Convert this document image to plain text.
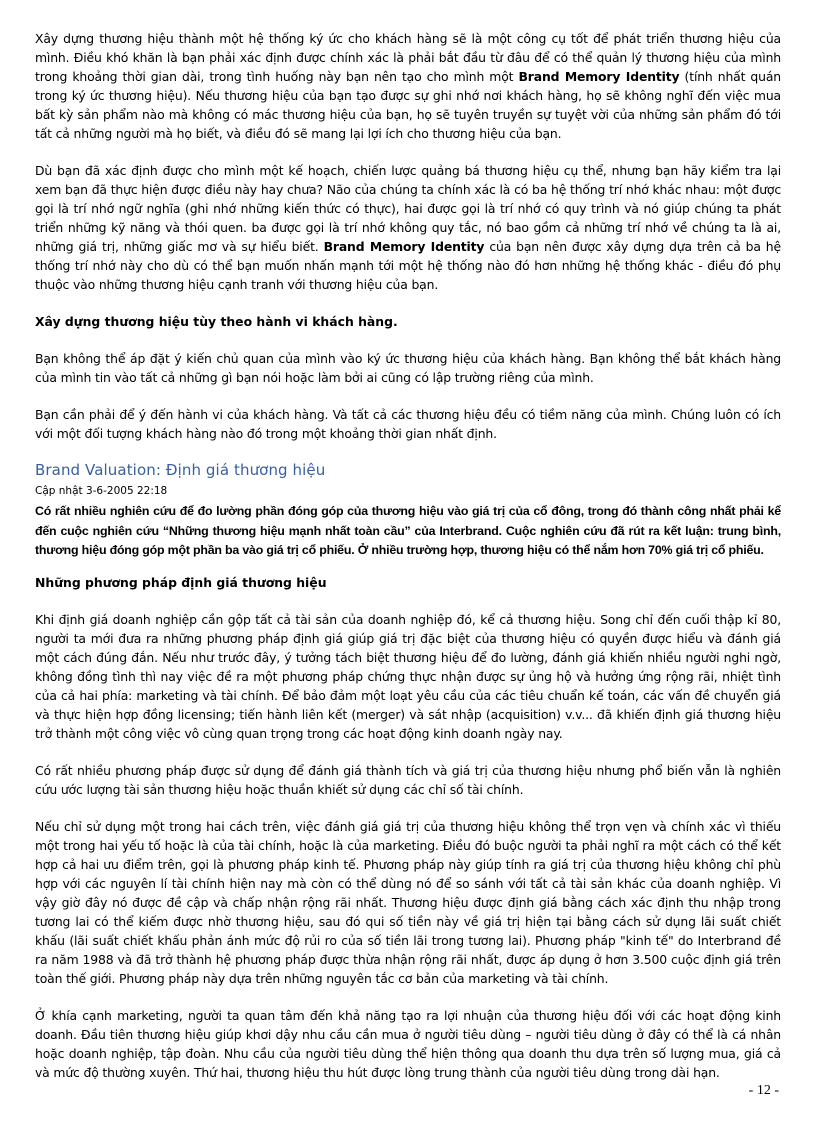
Xây dựng thương hiệu thành một hệ thống ký ức cho khách hàng sẽ là một công cụ tốt để phát triển thương hiệu của mình. Điều khó khăn là bạn phải xác định được chính xác là phải bắt đầu từ đâu để có thể quản lý thương hiệu của mình trong khoảng thời gian dài, trong tình huống này bạn nên tạo cho mình một Brand Memory Identity (tính nhất quán trong ký ức thương hiệu). Nếu thương hiệu của bạn tạo được sự ghi nhớ nơi khách hàng, họ sẽ không nghĩ đến việc mua bất kỳ sản phẩm nào mà không có mác thương hiệu của bạn, họ sẽ tuyên truyền sự tuyệt vời của những sản phẩm đó tới tất cả những người mà họ biết, và điều đó sẽ mang lại lợi ích cho thương hiệu của bạn.

Dù bạn đã xác định được cho mình một kế hoạch, chiến lược quảng bá thương hiệu cụ thể, nhưng bạn hãy kiểm tra lại xem bạn đã thực hiện được điều này hay chưa? Não của chúng ta chính xác là có ba hệ thống trí nhớ khác nhau: một được gọi là trí nhớ ngữ nghĩa (ghi nhớ những kiến thức có thực), hai được gọi là trí nhớ có quy trình và nó giúp chúng ta phát triển những kỹ năng và thói quen. ba được gọi là trí nhớ không quy tắc, nó bao gồm cả những trí nhớ về chúng ta là ai, những giá trị, những giấc mơ và sự hiểu biết. Brand Memory Identity của bạn nên được xây dựng dựa trên cả ba hệ thống trí nhớ này cho dù có thể bạn muốn nhấn mạnh tới một hệ thống nào đó hơn những hệ thống khác - điều đó phụ thuộc vào những thương hiệu cạnh tranh với thương hiệu của bạn.

Xây dựng thương hiệu tùy theo hành vi khách hàng.

Bạn không thể áp đặt ý kiến chủ quan của mình vào ký ức thương hiệu của khách hàng. Bạn không thể bắt khách hàng của mình tin vào tất cả những gì bạn nói hoặc làm bởi ai cũng có lập trường riêng của mình.

Bạn cần phải để ý đến hành vi của khách hàng. Và tất cả các thương hiệu đều có tiềm năng của mình. Chúng luôn có ích với một đối tượng khách hàng nào đó trong một khoảng thời gian nhất định.

Brand Valuation: Định giá thương hiệu
Cập nhật 3-6-2005 22:18

Có rất nhiều nghiên cứu để đo lường phần đóng góp của thương hiệu vào giá trị của cổ đông, trong đó thành công nhất phải kể đến cuộc nghiên cứu “Những thương hiệu mạnh nhất toàn cầu” của Interbrand. Cuộc nghiên cứu đã rút ra kết luận: trung bình, thương hiệu đóng góp một phần ba vào giá trị cổ phiếu. Ở nhiều trường hợp, thương hiệu có thể nắm hơn 70% giá trị cổ phiếu.

Những phương pháp định giá thương hiệu

Khi định giá doanh nghiệp cần gộp tất cả tài sản của doanh nghiệp đó, kể cả thương hiệu. Song chỉ đến cuối thập kỉ 80, người ta mới đưa ra những phương pháp định giá giúp giá trị đặc biệt của thương hiệu có quyền được hiểu và đánh giá một cách đúng đắn. Nếu như trước đây, ý tưởng tách biệt thương hiệu để đo lường, đánh giá khiến nhiều người nghi ngờ, không đồng tình thì nay việc đề ra một phương pháp chứng thực nhận được sự ủng hộ và hưởng ứng rộng rãi, nhiệt tình của cả hai phía: marketing và tài chính. Để bảo đảm một loạt yêu cầu của các tiêu chuẩn kế toán, các vấn đề chuyển giá và thực hiện hợp đồng licensing; tiến hành liên kết (merger) và sát nhập (acquisition) v.v... đã khiến định giá thương hiệu trở thành một công việc vô cùng quan trọng trong các hoạt động kinh doanh ngày nay.

Có rất nhiều phương pháp được sử dụng để đánh giá thành tích và giá trị của thương hiệu nhưng phổ biến vẫn là nghiên cứu ước lượng tài sản thương hiệu hoặc thuần khiết sử dụng các chỉ số tài chính.

Nếu chỉ sử dụng một trong hai cách trên, việc đánh giá giá trị của thương hiệu không thể trọn vẹn và chính xác vì thiếu một trong hai yếu tố hoặc là của tài chính, hoặc là của marketing. Điều đó buộc người ta phải nghĩ ra một cách có thể kết hợp cả hai ưu điểm trên, gọi là phương pháp kinh tế. Phương pháp này giúp tính ra giá trị của thương hiệu không chỉ phù hợp với các nguyên lí tài chính hiện nay mà còn có thể dùng nó để so sánh với tất cả tài sản khác của doanh nghiệp. Vì vậy giờ đây nó được đề cập và chấp nhận rộng rãi nhất. Thương hiệu được định giá bằng cách xác định thu nhập trong tương lai có thể kiếm được nhờ thương hiệu, sau đó qui số tiền này về giá trị hiện tại bằng cách sử dụng lãi suất chiết khấu (lãi suất chiết khấu phản ánh mức độ rủi ro của số tiền lãi trong tương lai). Phương pháp "kinh tế" do Interbrand đề ra năm 1988 và đã trở thành hệ phương pháp được thừa nhận rộng rãi nhất, được áp dụng ở hơn 3.500 cuộc định giá trên toàn thế giới. Phương pháp này dựa trên những nguyên tắc cơ bản của marketing và tài chính.

Ở khía cạnh marketing, người ta quan tâm đến khả năng tạo ra lợi nhuận của thương hiệu đối với các hoạt động kinh doanh. Đầu tiên thương hiệu giúp khơi dậy nhu cầu cần mua ở người tiêu dùng – người tiêu dùng ở đây có thể là cá nhân hoặc doanh nghiệp, tập đoàn. Nhu cầu của người tiêu dùng thể hiện thông qua doanh thu dựa trên số lượng mua, giá cả và mức độ thường xuyên. Thứ hai, thương hiệu thu hút được lòng trung thành của người tiêu dùng trong dài hạn.

- 12 -
